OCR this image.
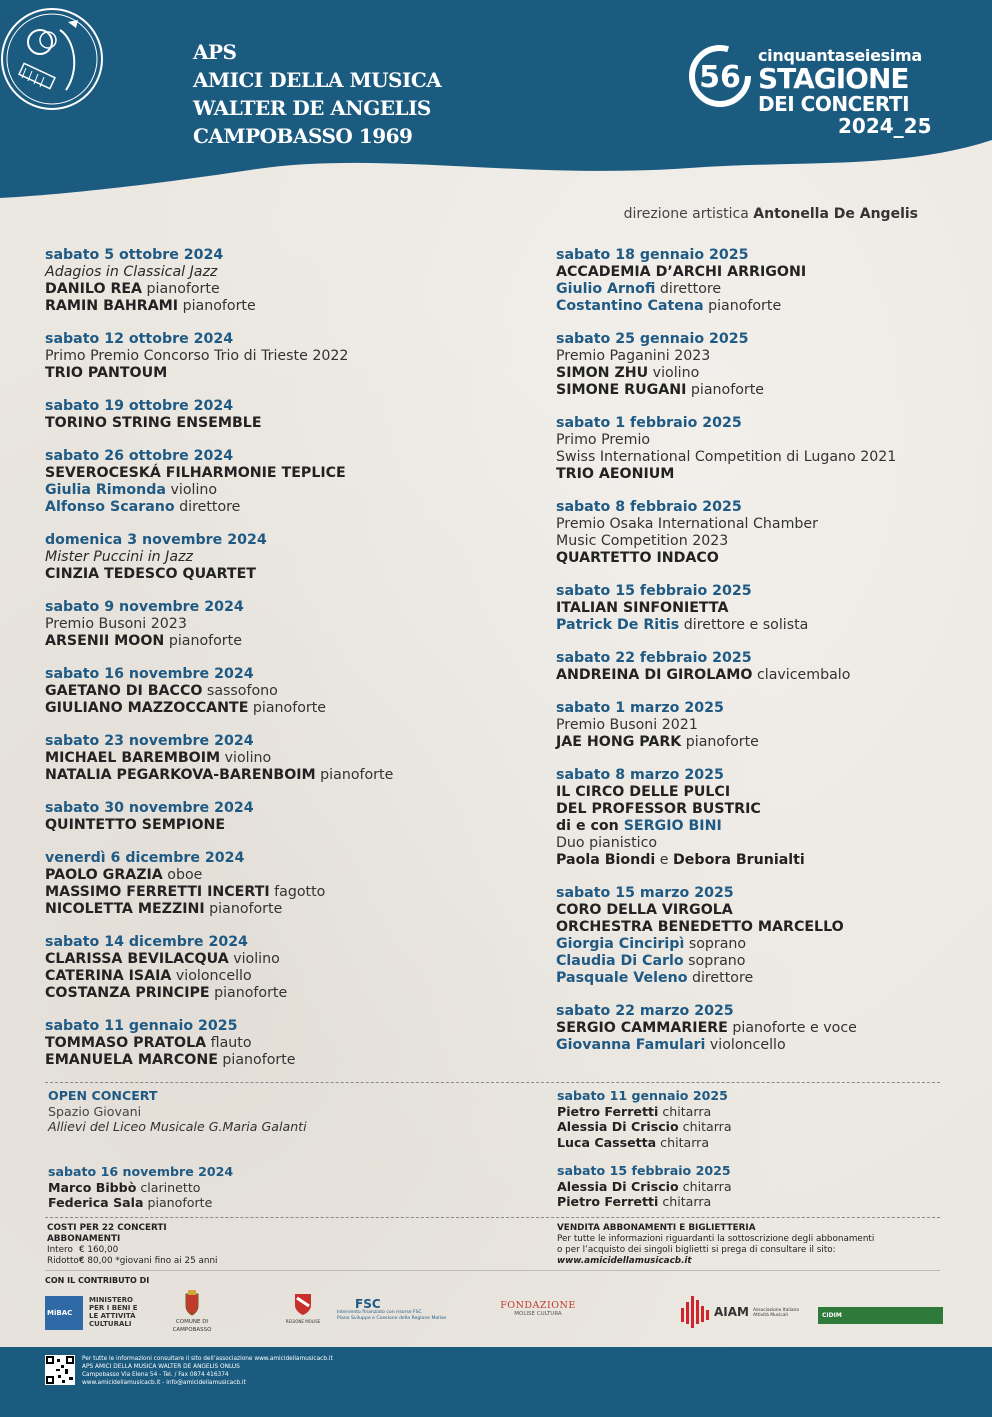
APS
AMICI DELLA MUSICA
WALTER DE ANGELIS
CAMPOBASSO 1969
56
cinquantaseiesima
STAGIONE
DEI CONCERTI
2024_25
direzione artistica Antonella De Angelis
sabato 5 ottobre 2024
Adagios in Classical Jazz
DANILO REA pianoforte
RAMIN BAHRAMI pianoforte
sabato 12 ottobre 2024
Primo Premio Concorso Trio di Trieste 2022
TRIO PANTOUM
sabato 19 ottobre 2024
TORINO STRING ENSEMBLE
sabato 26 ottobre 2024
SEVEROCESKÁ FILHARMONIE TEPLICE
Giulia Rimonda violino
Alfonso Scarano direttore
domenica 3 novembre 2024
Mister Puccini in Jazz
CINZIA TEDESCO QUARTET
sabato 9 novembre 2024
Premio Busoni 2023
ARSENII MOON pianoforte
sabato 16 novembre 2024
GAETANO DI BACCO sassofono
GIULIANO MAZZOCCANTE pianoforte
sabato 23 novembre 2024
MICHAEL BAREMBOIM violino
NATALIA PEGARKOVA-BARENBOIM pianoforte
sabato 30 novembre 2024
QUINTETTO SEMPIONE
venerdì 6 dicembre 2024
PAOLO GRAZIA oboe
MASSIMO FERRETTI INCERTI fagotto
NICOLETTA MEZZINI pianoforte
sabato 14 dicembre 2024
CLARISSA BEVILACQUA violino
CATERINA ISAIA violoncello
COSTANZA PRINCIPE pianoforte
sabato 11 gennaio 2025
TOMMASO PRATOLA flauto
EMANUELA MARCONE pianoforte
sabato 18 gennaio 2025
ACCADEMIA D’ARCHI ARRIGONI
Giulio Arnofi direttore
Costantino Catena pianoforte
sabato 25 gennaio 2025
Premio Paganini 2023
SIMON ZHU violino
SIMONE RUGANI pianoforte
sabato 1 febbraio 2025
Primo Premio
Swiss International Competition di Lugano 2021
TRIO AEONIUM
sabato 8 febbraio 2025
Premio Osaka International Chamber
Music Competition 2023
QUARTETTO INDACO
sabato 15 febbraio 2025
ITALIAN SINFONIETTA
Patrick De Ritis direttore e solista
sabato 22 febbraio 2025
ANDREINA DI GIROLAMO clavicembalo
sabato 1 marzo 2025
Premio Busoni 2021
JAE HONG PARK pianoforte
sabato 8 marzo 2025
IL CIRCO DELLE PULCI
DEL PROFESSOR BUSTRIC
di e con SERGIO BINI
Duo pianistico
Paola Biondi e Debora Brunialti
sabato 15 marzo 2025
CORO DELLA VIRGOLA
ORCHESTRA BENEDETTO MARCELLO
Giorgia Cinciripì soprano
Claudia Di Carlo soprano
Pasquale Veleno direttore
sabato 22 marzo 2025
SERGIO CAMMARIERE pianoforte e voce
Giovanna Famulari violoncello
OPEN CONCERT
Spazio Giovani
Allievi del Liceo Musicale G.Maria Galanti
sabato 16 novembre 2024
Marco Bibbò clarinetto
Federica Sala pianoforte
sabato 11 gennaio 2025
Pietro Ferretti chitarra
Alessia Di Criscio chitarra
Luca Cassetta chitarra
sabato 15 febbraio 2025
Alessia Di Criscio chitarra
Pietro Ferretti chitarra
COSTI PER 22 CONCERTI
ABBONAMENTI
Intero € 160,00
Ridotto*€ 80,00 *giovani fino ai 25 anni
VENDITA ABBONAMENTI E BIGLIETTERIA
Per tutte le informazioni riguardanti la sottoscrizione degli abbonamenti
o per l’acquisto dei singoli biglietti si prega di consultare il sito:
www.amicidellamusicacb.it
CON IL CONTRIBUTO DI
MiBAC
MINISTERO
PER I BENI E
LE ATTIVITÀ
CULTURALI	COMUNE DI CAMPOBASSO
REGIONE MOLISE
FSC
Intervento finanziato con risorse FSC
Piano Sviluppo e Coesione della Regione Molise
FONDAZIONE
MOLISE CULTURA	AIAM Associazione Italiana
Attività Musicali	CIDIM
Per tutte le informazioni consultare il sito dell’associazione www.amicidellamusicacb.it
APS AMICI DELLA MUSICA WALTER DE ANGELIS ONLUS
Campobasso Via Elena 54 - Tel. / Fax 0874 416374
www.amicidellamusicacb.it - info@amicidellamusicacb.it
